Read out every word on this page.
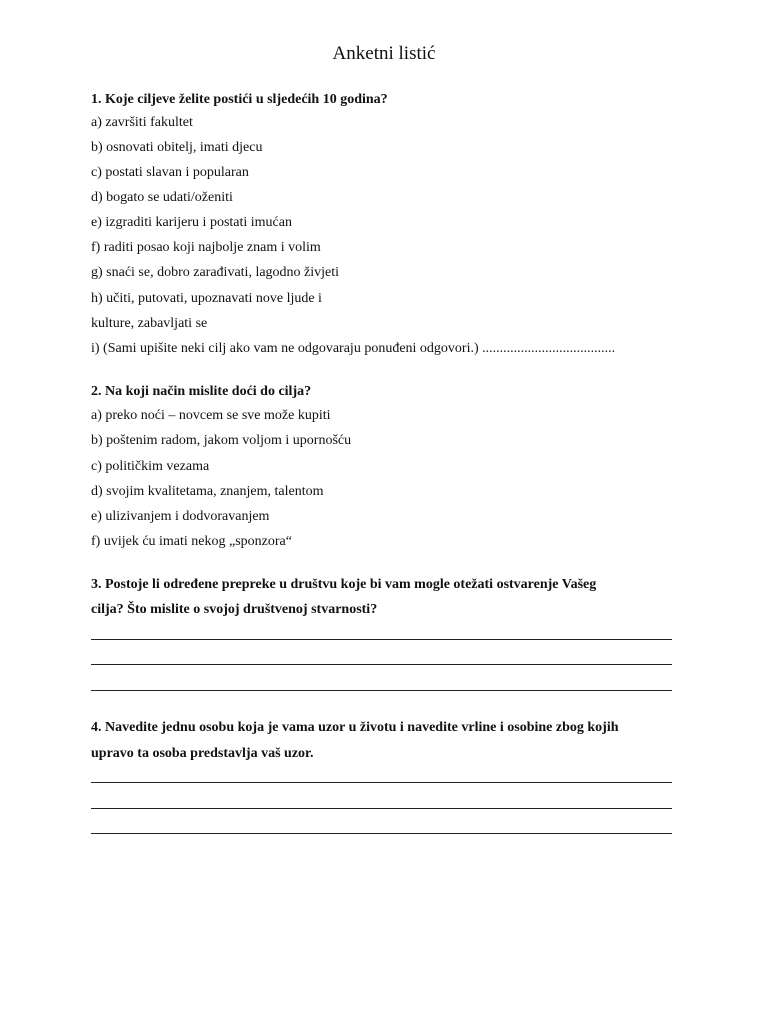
Anketni listić
1. Koje ciljeve želite postići u sljedećih 10 godina?
a) završiti fakultet
b) osnovati obitelj, imati djecu
c) postati slavan i popularan
d) bogato se udati/oženiti
e) izgraditi karijeru i postati imućan
f) raditi posao koji najbolje znam i volim
g) snaći se, dobro zarađivati, lagodno živjeti
h) učiti, putovati, upoznavati nove ljude i
kulture, zabavljati se
i) (Sami upišite neki cilj ako vam ne odgovaraju ponuđeni odgovori.) ......................................
2. Na koji način mislite doći do cilja?
a) preko noći – novcem se sve može kupiti
b) poštenim radom, jakom voljom i upornošću
c) političkim vezama
d) svojim kvalitetama, znanjem, talentom
e) ulizivanjem i dodvoravanjem
f) uvijek ću imati nekog „sponzora“
3. Postoje li određene prepreke u društvu koje bi vam mogle otežati ostvarenje Vašeg
cilja? Što mislite o svojoj društvenoj stvarnosti?
4. Navedite jednu osobu koja je vama uzor u životu i navedite vrline i osobine zbog kojih
upravo ta osoba predstavlja vaš uzor.
